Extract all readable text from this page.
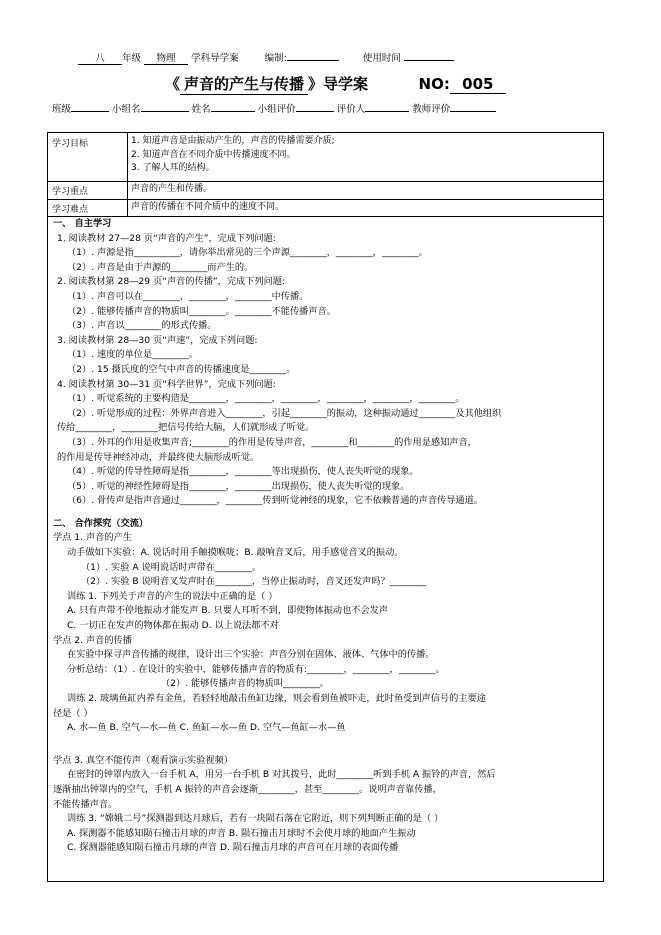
八 年级 物理 学科导学案	编制:	使用时间
《 声音的产生与传播 》导学案	NO: 005
班级	小组名	姓名	小组评价	评价人	教师评价
学习目标	1. 知道声音是由振动产生的，声音的传播需要介质;
2. 知道声音在不同介质中传播速度不同。
3. 了解人耳的结构。
学习重点	声音的产生和传播。
学习难点	声音的传播在不同介质中的速度不同。
一、 自主学习
1. 阅读教材 27—28 页“声音的产生”，完成下列问题:
（1）. 声源是指__________，请你举出常见的三个声源________，________，________。
（2）. 声音是由于声源的________而产生的。
2. 阅读教材第 28—29 页“声音的传播”，完成下列问题:
（1）. 声音可以在________，________，________中传播。
（2）. 能够传播声音的物质叫________。________不能传播声音。
（3）. 声音以________的形式传播。
3. 阅读教材第 28—30 页“声速”，完成下列问题:
（1）. 速度的单位是________。
（2）. 15 摄氏度的空气中声音的传播速度是________。
4. 阅读教材第 30—31 页“科学世界”，完成下列问题:
（1）. 听觉系统的主要构造是________，________，________，________，________，________。
（2）. 听觉形成的过程：外界声音进入________，引起________的振动，这种振动通过________及其他组织
传给________，________把信号传给大脑，人们就形成了听觉。
（3）. 外耳的作用是收集声音;________的作用是传导声音，________和________的作用是感知声音，
的作用是传导神经冲动，并最终使大脑形成听觉。
（4）. 听觉的传导性障碍是指________，________等出现损伤，使人丧失听觉的现象。
（5）. 听觉的神经性障碍是指________，________出现损伤，使人丧失听觉的现象。
（6）. 骨传声是指声音通过________，________传到听觉神经的现象，它不依赖普通的声音传导通道。
二、 合作探究（交流）
学点 1. 声音的产生
动手做如下实验：A. 说话时用手触摸喉咙；B. 敲响音叉后，用手感觉音叉的振动。
（1）. 实验 A 说明说话时声带在________。
（2）. 实验 B 说明音叉发声时在________，当停止振动时，音叉还发声吗？________
训练 1. 下列关于声音的产生的说法中正确的是（ ）
A. 只有声带不停地振动才能发声 B. 只要人耳听不到，即使物体振动也不会发声
C. 一切正在发声的物体都在振动 D. 以上说法都不对
学点 2. 声音的传播
在实验中探寻声音传播的规律，设计出三个实验：声音分别在固体、液体、气体中的传播。
分析总结：（1）. 在设计的实验中，能够传播声音的物质有:________，________，________。
（2）. 能够传播声音的物质叫________。
训练 2. 玻璃鱼缸内养有金鱼，若轻轻地敲击鱼缸边缘，则会看到鱼被吓走，此时鱼受到声信号的主要途
径是（ ）
A. 水—鱼 B. 空气—水—鱼 C. 鱼缸—水—鱼 D. 空气—鱼缸—水—鱼
学点 3. 真空不能传声（观看演示实验视频）
在密封的钟罩内放入一台手机 A，用另一台手机 B 对其拨号，此时________听到手机 A 振铃的声音，然后
逐渐抽出钟罩内的空气，手机 A 振铃的声音会逐渐________，甚至________。说明声音靠传播，
不能传播声音。
训练 3. “嫦娥二号”探测器到达月球后，若有一块陨石落在它附近，则下列判断正确的是（ ）
A. 探测器不能感知陨石撞击月球的声音 B. 陨石撞击月球时不会使月球的地面产生振动
C. 探测器能感知陨石撞击月球的声音 D. 陨石撞击月球的声音可在月球的表面传播
